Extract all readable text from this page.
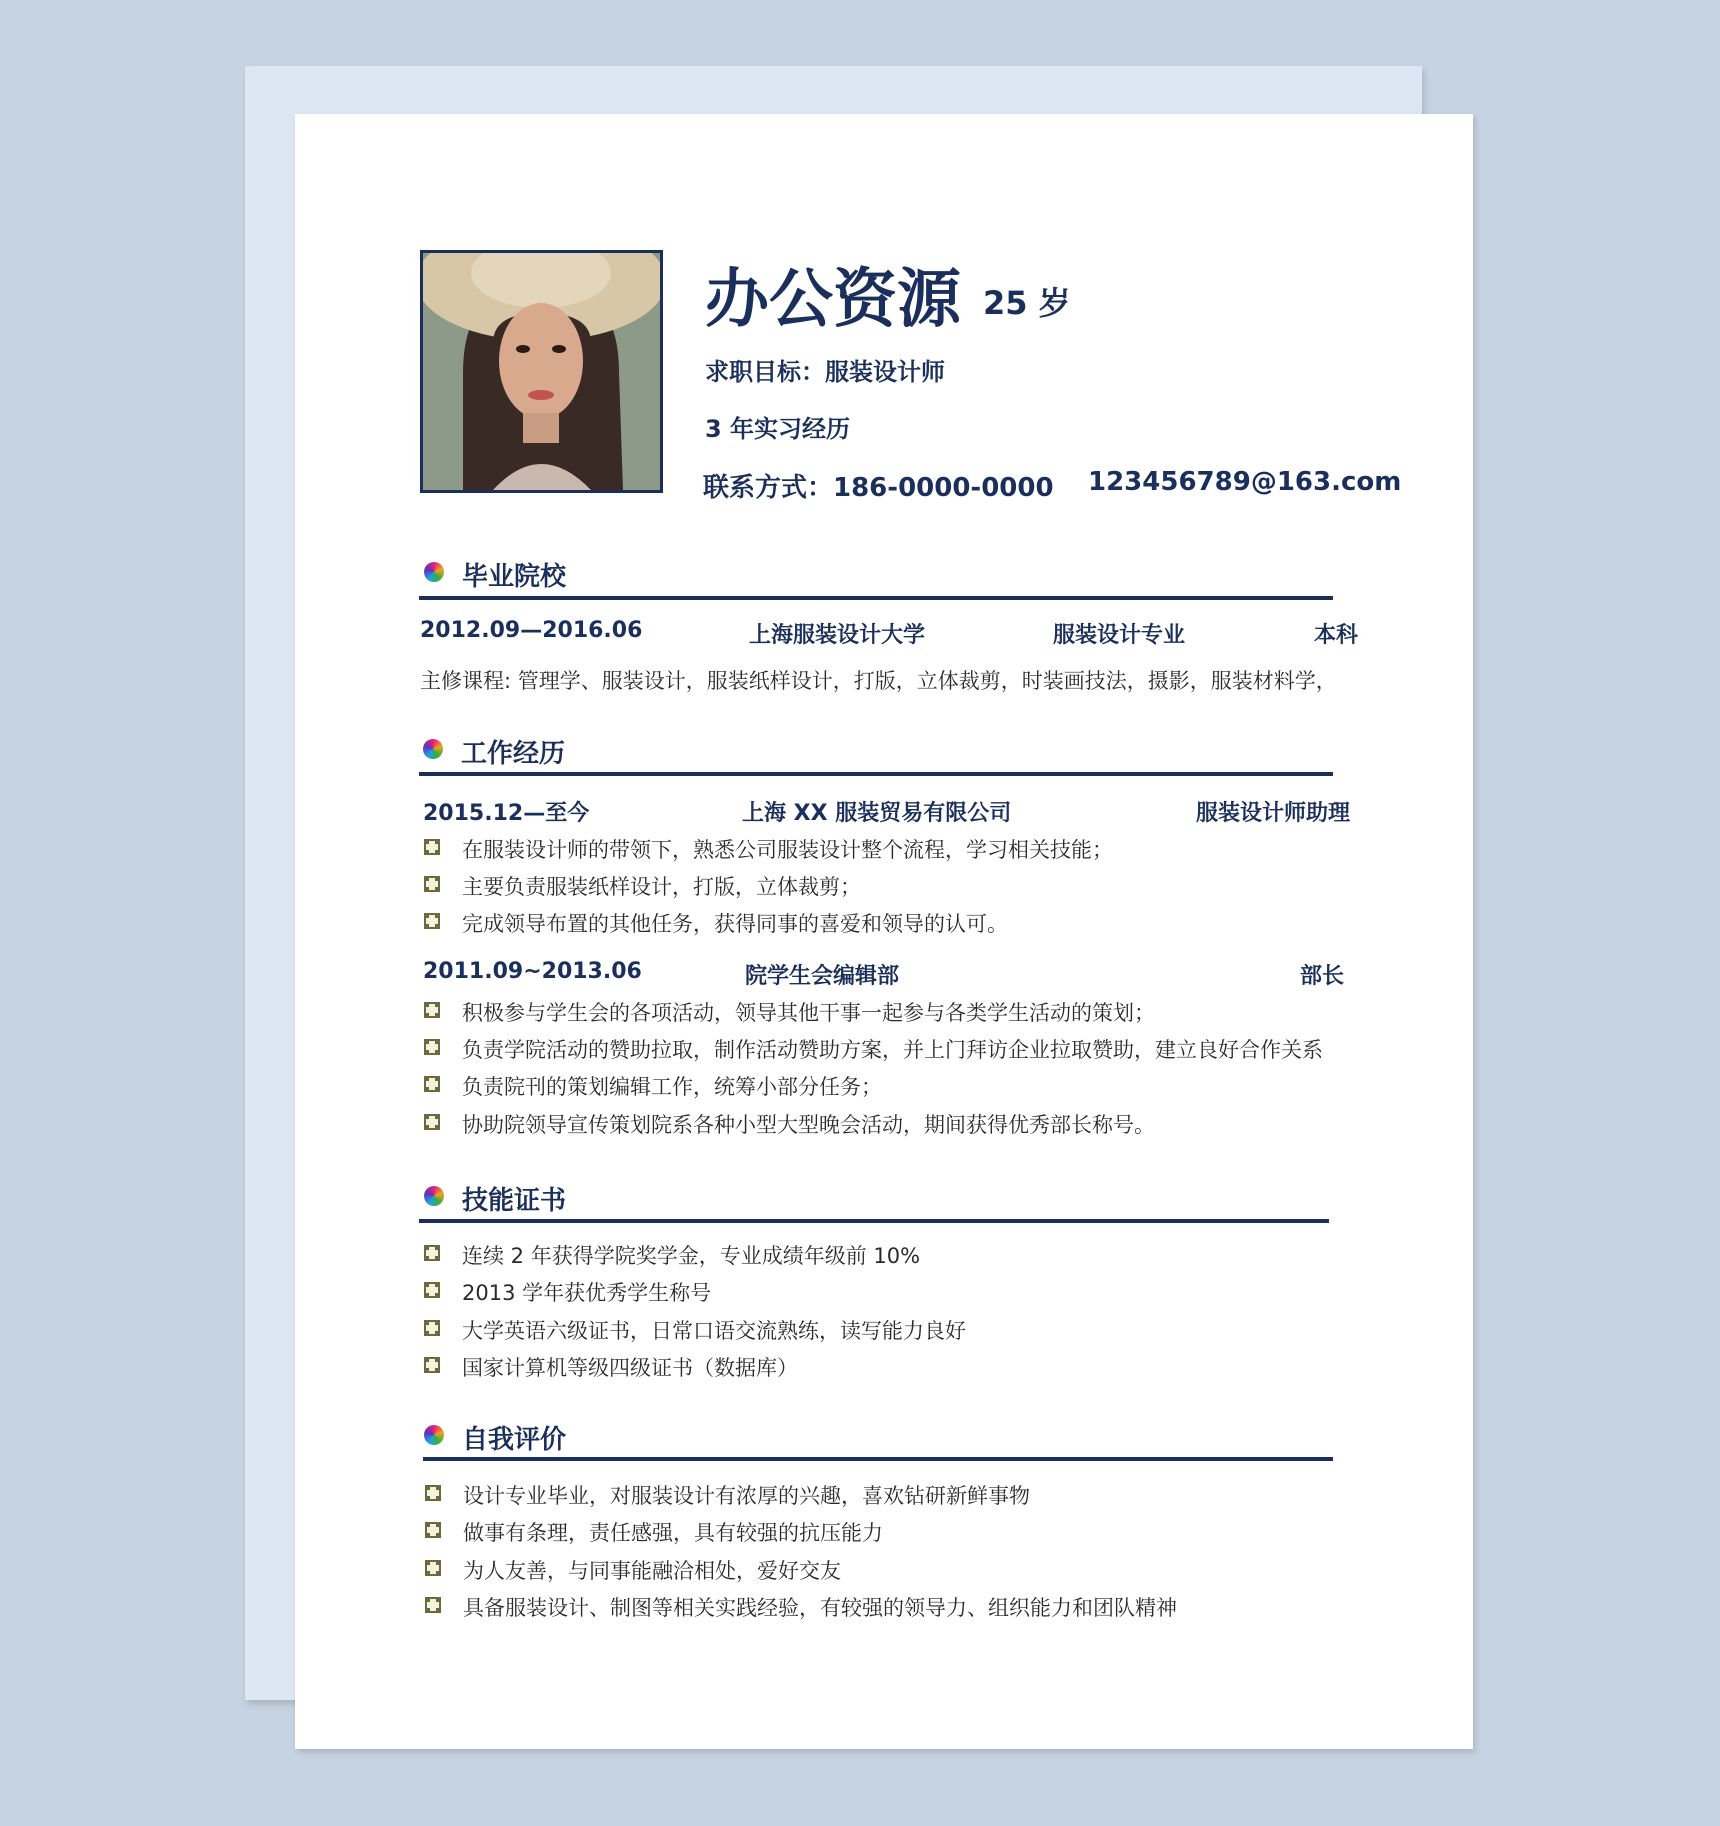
办公资源 25 岁
求职目标：服装设计师
3 年实习经历
联系方式：186-0000-0000 123456789@163.com
毕业院校
2012.09—2016.06	上海服装设计大学	服装设计专业	本科
主修课程: 管理学、服装设计，服装纸样设计，打版，立体裁剪，时装画技法，摄影，服装材料学，
工作经历
2015.12—至今	上海 XX 服装贸易有限公司	服装设计师助理
在服装设计师的带领下，熟悉公司服装设计整个流程，学习相关技能；
主要负责服装纸样设计，打版，立体裁剪；
完成领导布置的其他任务，获得同事的喜爱和领导的认可。
2011.09~2013.06	院学生会编辑部	部长
积极参与学生会的各项活动，领导其他干事一起参与各类学生活动的策划；
负责学院活动的赞助拉取，制作活动赞助方案，并上门拜访企业拉取赞助，建立良好合作关系
负责院刊的策划编辑工作，统筹小部分任务；
协助院领导宣传策划院系各种小型大型晚会活动，期间获得优秀部长称号。
技能证书
连续 2 年获得学院奖学金，专业成绩年级前 10%
2013 学年获优秀学生称号
大学英语六级证书，日常口语交流熟练，读写能力良好
国家计算机等级四级证书（数据库）
自我评价
设计专业毕业，对服装设计有浓厚的兴趣，喜欢钻研新鲜事物
做事有条理，责任感强，具有较强的抗压能力
为人友善，与同事能融洽相处，爱好交友
具备服装设计、制图等相关实践经验，有较强的领导力、组织能力和团队精神
